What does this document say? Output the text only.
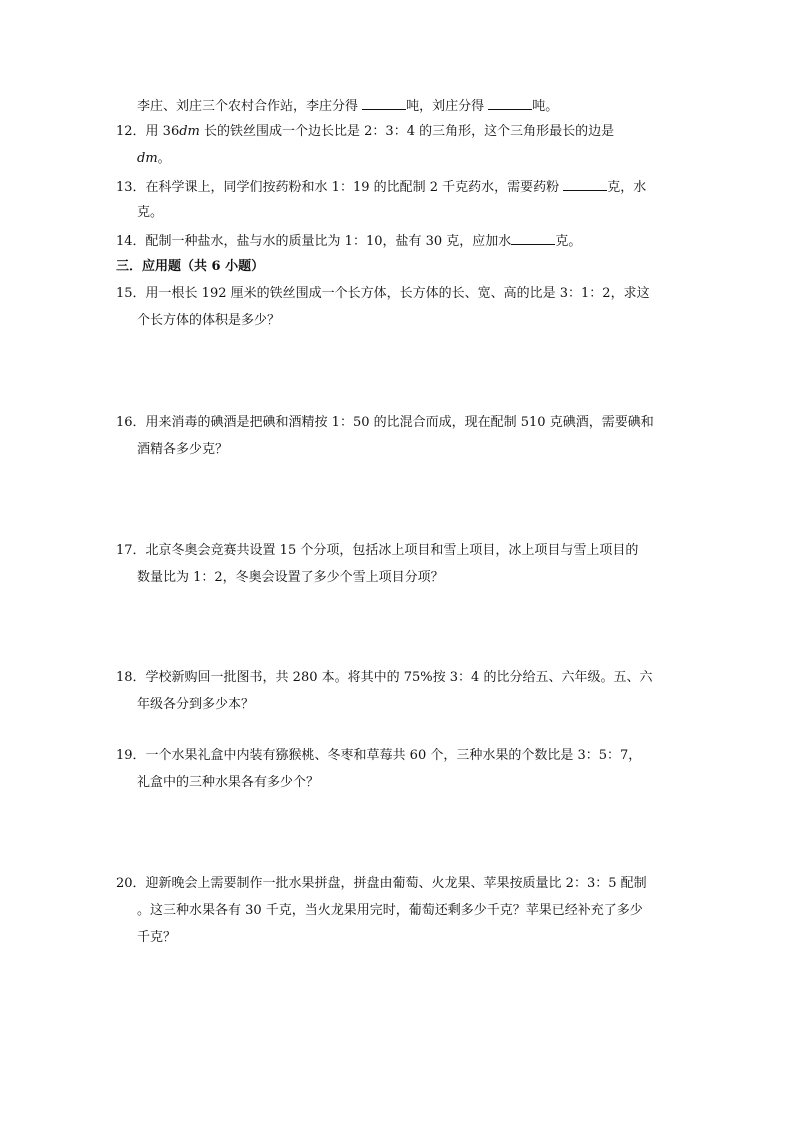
李庄、刘庄三个农村合作站，李庄分得	吨，刘庄分得	吨。
12．用 36dm 长的铁丝围成一个边长比是 2：3：4 的三角形，这个三角形最长的边是
dm。
13．在科学课上，同学们按药粉和水 1：19 的比配制 2 千克药水，需要药粉	克，水
克。
14．配制一种盐水，盐与水的质量比为 1：10，盐有 30 克，应加水	克。
三．应用题（共 6 小题）
15．用一根长 192 厘米的铁丝围成一个长方体，长方体的长、宽、高的比是 3：1：2，求这
个长方体的体积是多少？
16．用来消毒的碘酒是把碘和酒精按 1：50 的比混合而成，现在配制 510 克碘酒，需要碘和
酒精各多少克？
17．北京冬奥会竞赛共设置 15 个分项，包括冰上项目和雪上项目，冰上项目与雪上项目的
数量比为 1：2，冬奥会设置了多少个雪上项目分项？
18．学校新购回一批图书，共 280 本。将其中的 75%按 3：4 的比分给五、六年级。五、六
年级各分到多少本？
19．一个水果礼盒中内装有猕猴桃、冬枣和草莓共 60 个，三种水果的个数比是 3：5：7，
礼盒中的三种水果各有多少个？
20．迎新晚会上需要制作一批水果拼盘，拼盘由葡萄、火龙果、苹果按质量比 2：3：5 配制
。这三种水果各有 30 千克，当火龙果用完时，葡萄还剩多少千克？苹果已经补充了多少
千克？
